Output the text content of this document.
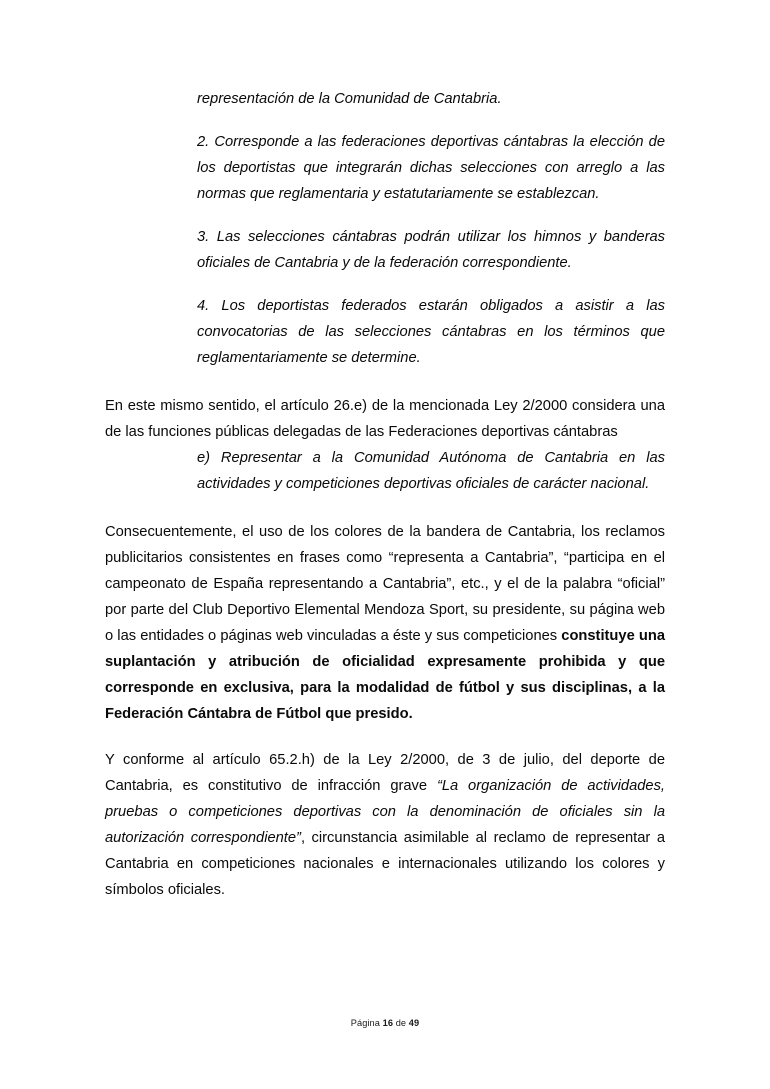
representación de la Comunidad de Cantabria.

2. Corresponde a las federaciones deportivas cántabras la elección de los deportistas que integrarán dichas selecciones con arreglo a las normas que reglamentaria y estatutariamente se establezcan.

3. Las selecciones cántabras podrán utilizar los himnos y banderas oficiales de Cantabria y de la federación correspondiente.

4. Los deportistas federados estarán obligados a asistir a las convocatorias de las selecciones cántabras en los términos que reglamentariamente se determine.

En este mismo sentido, el artículo 26.e) de la mencionada Ley 2/2000 considera una de las funciones públicas delegadas de las Federaciones deportivas cántabras

e) Representar a la Comunidad Autónoma de Cantabria en las actividades y competiciones deportivas oficiales de carácter nacional.

Consecuentemente, el uso de los colores de la bandera de Cantabria, los reclamos publicitarios consistentes en frases como “representa a Cantabria”, “participa en el campeonato de España representando a Cantabria”, etc., y el de la palabra “oficial” por parte del Club Deportivo Elemental Mendoza Sport, su presidente, su página web o las entidades o páginas web vinculadas a éste y sus competiciones constituye una suplantación y atribución de oficialidad expresamente prohibida y que corresponde en exclusiva, para la modalidad de fútbol y sus disciplinas, a la Federación Cántabra de Fútbol que presido.

Y conforme al artículo 65.2.h) de la Ley 2/2000, de 3 de julio, del deporte de Cantabria, es constitutivo de infracción grave “La organización de actividades, pruebas o competiciones deportivas con la denominación de oficiales sin la autorización correspondiente”, circunstancia asimilable al reclamo de representar a Cantabria en competiciones nacionales e internacionales utilizando los colores y símbolos oficiales.

Página 16 de 49
